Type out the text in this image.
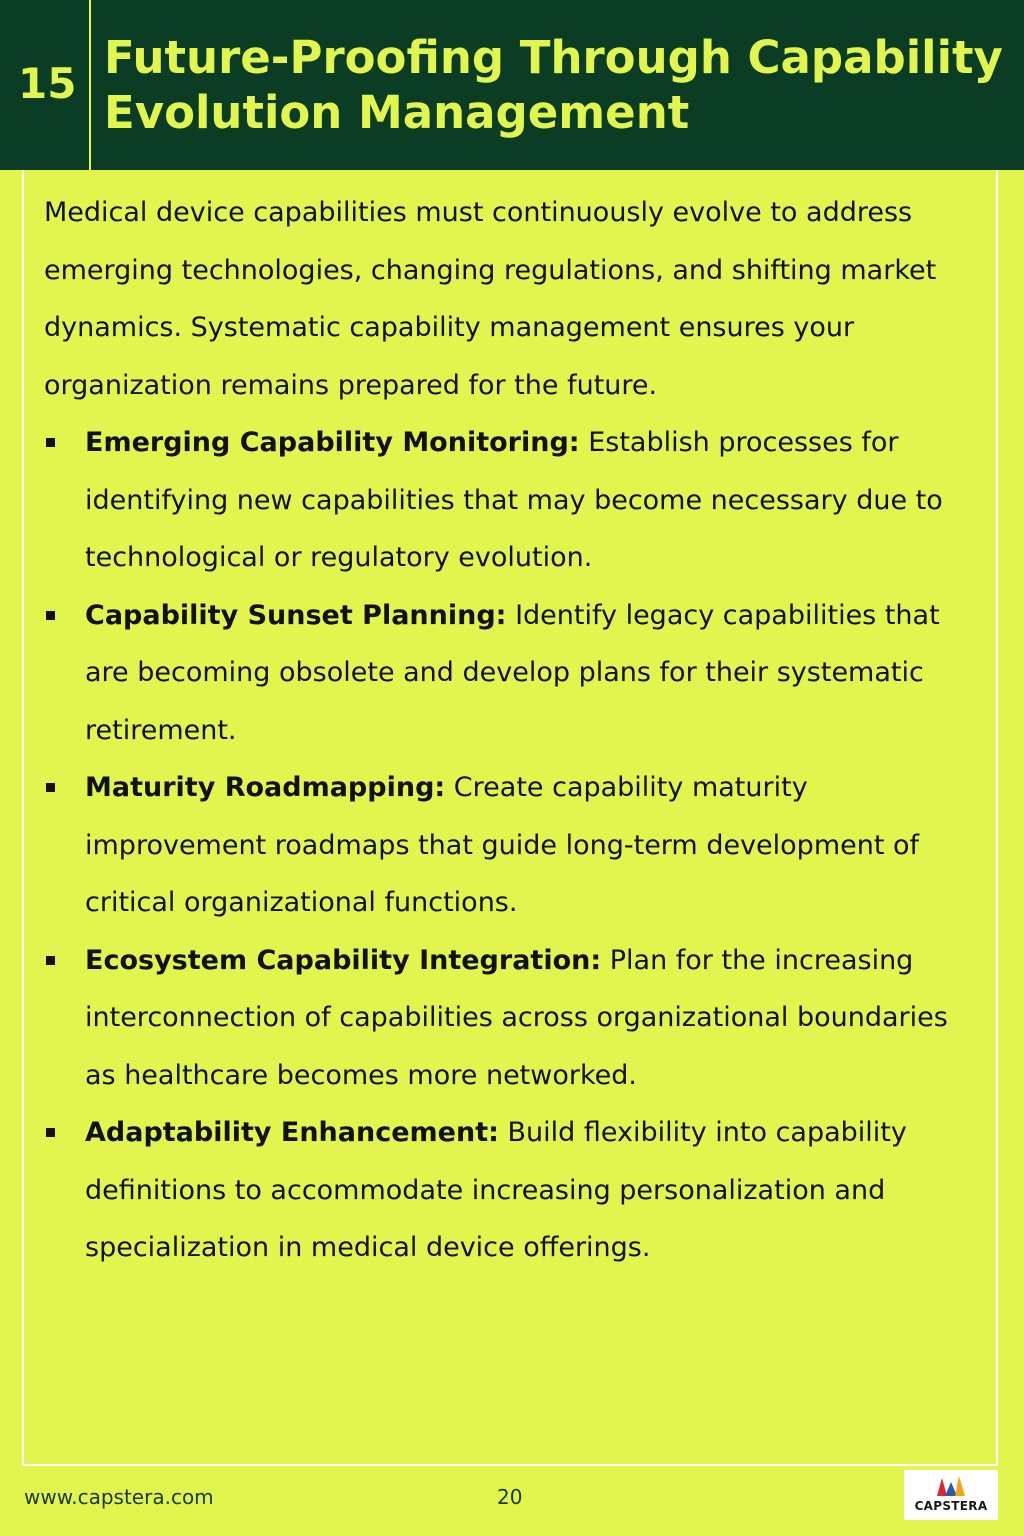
15 Future-Proofing Through Capability Evolution Management

Medical device capabilities must continuously evolve to address emerging technologies, changing regulations, and shifting market dynamics. Systematic capability management ensures your organization remains prepared for the future.

Emerging Capability Monitoring: Establish processes for identifying new capabilities that may become necessary due to technological or regulatory evolution.
Capability Sunset Planning: Identify legacy capabilities that are becoming obsolete and develop plans for their systematic retirement.
Maturity Roadmapping: Create capability maturity improvement roadmaps that guide long-term development of critical organizational functions.
Ecosystem Capability Integration: Plan for the increasing interconnection of capabilities across organizational boundaries as healthcare becomes more networked.
Adaptability Enhancement: Build flexibility into capability definitions to accommodate increasing personalization and specialization in medical device offerings.
www.capstera.com	20	CAPSTERA
